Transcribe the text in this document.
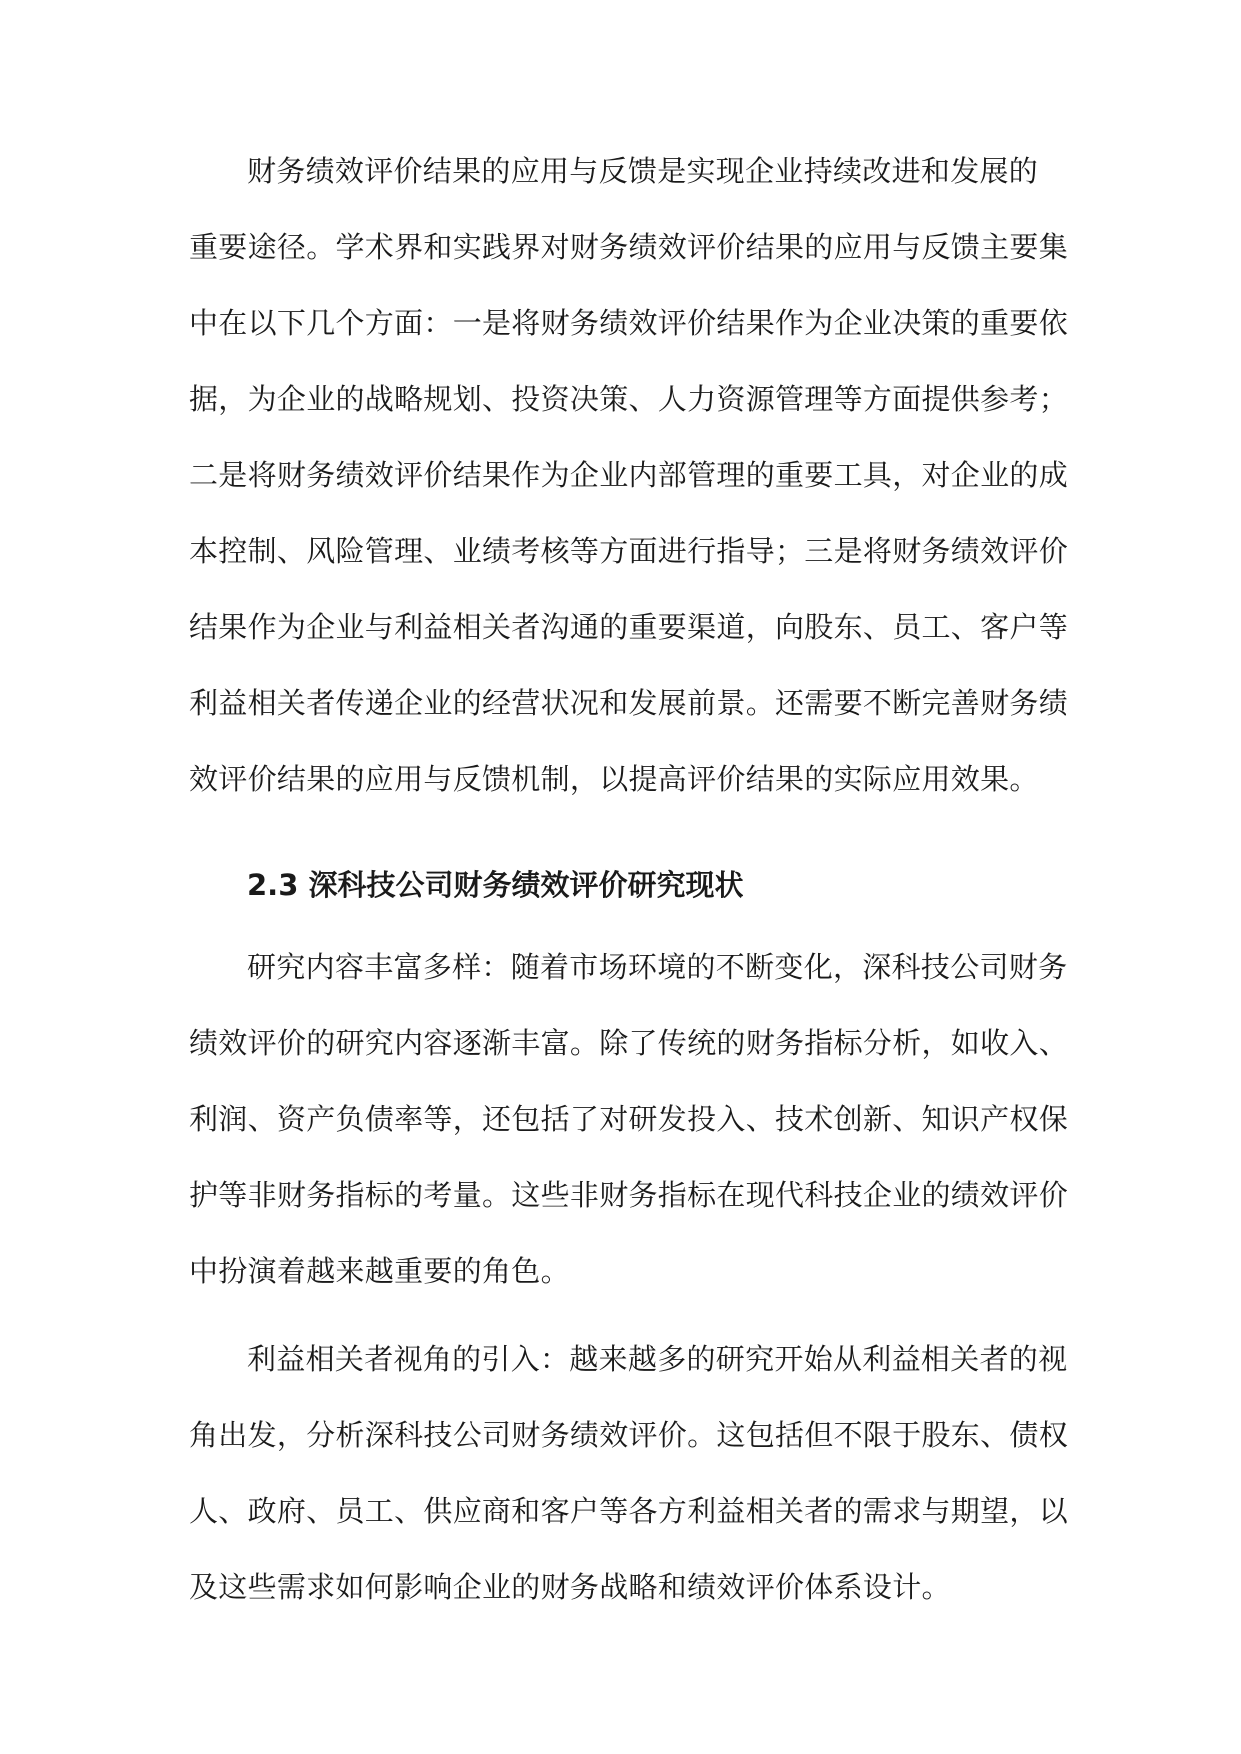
财务绩效评价结果的应用与反馈是实现企业持续改进和发展的
重要途径。学术界和实践界对财务绩效评价结果的应用与反馈主要集
中在以下几个方面：一是将财务绩效评价结果作为企业决策的重要依
据，为企业的战略规划、投资决策、人力资源管理等方面提供参考；
二是将财务绩效评价结果作为企业内部管理的重要工具，对企业的成
本控制、风险管理、业绩考核等方面进行指导；三是将财务绩效评价
结果作为企业与利益相关者沟通的重要渠道，向股东、员工、客户等
利益相关者传递企业的经营状况和发展前景。还需要不断完善财务绩
效评价结果的应用与反馈机制，以提高评价结果的实际应用效果。
2.3 深科技公司财务绩效评价研究现状
研究内容丰富多样：随着市场环境的不断变化，深科技公司财务
绩效评价的研究内容逐渐丰富。除了传统的财务指标分析，如收入、
利润、资产负债率等，还包括了对研发投入、技术创新、知识产权保
护等非财务指标的考量。这些非财务指标在现代科技企业的绩效评价
中扮演着越来越重要的角色。
利益相关者视角的引入：越来越多的研究开始从利益相关者的视
角出发，分析深科技公司财务绩效评价。这包括但不限于股东、债权
人、政府、员工、供应商和客户等各方利益相关者的需求与期望，以
及这些需求如何影响企业的财务战略和绩效评价体系设计。
